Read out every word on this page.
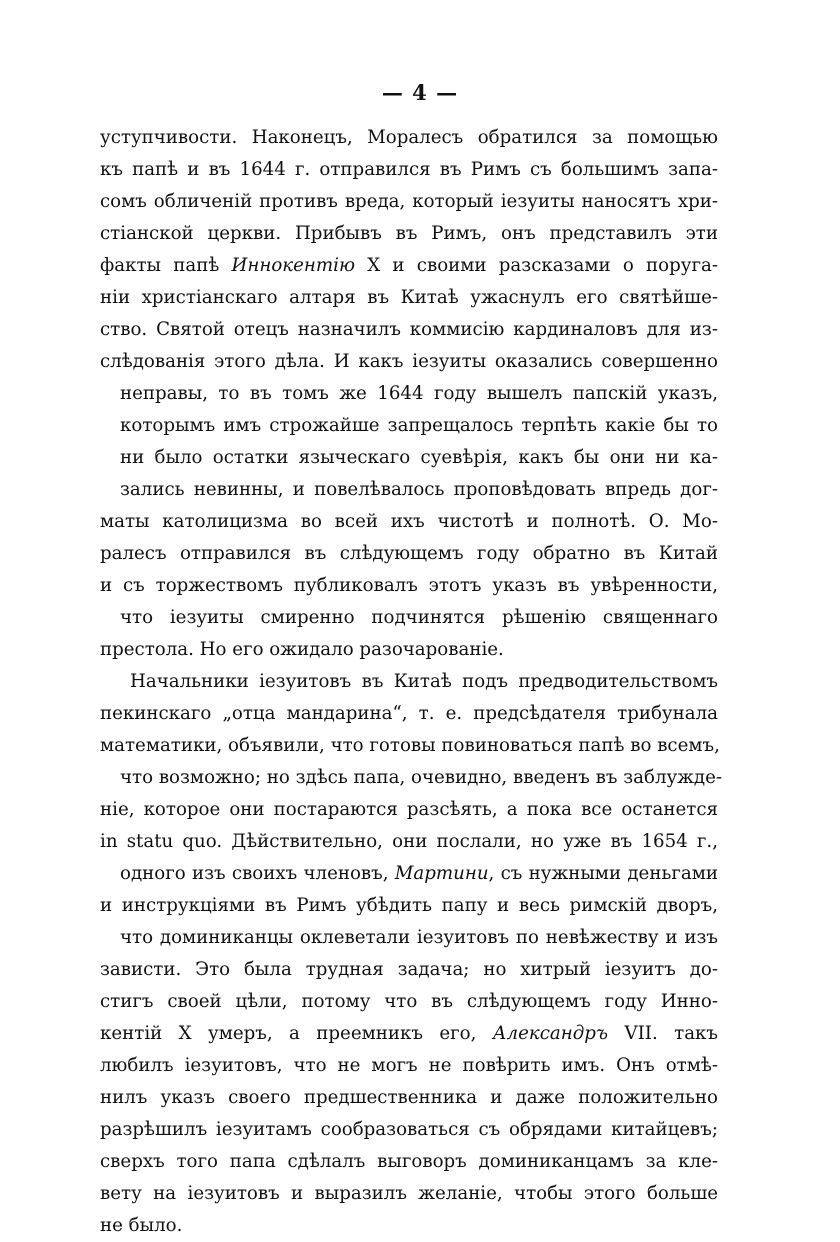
— 4 —
уступчивости. Наконецъ, Моралесъ обратился за помощью
къ папѣ и въ 1644 г. отправился въ Римъ съ большимъ запа-
сомъ обличеній противъ вреда, который іезуиты наносятъ хри-
стіанской церкви. Прибывъ въ Римъ, онъ представилъ эти
факты папѣ Иннокентію X и своими разсказами о поруга-
ніи христіанскаго алтаря въ Китаѣ ужаснулъ его святѣйше-
ство. Святой отецъ назначилъ коммисію кардиналовъ для из-
слѣдованія этого дѣла. И какъ іезуиты оказались совершенно
неправы, то въ томъ же 1644 году вышелъ папскій указъ,
которымъ имъ строжайше запрещалось терпѣть какіе бы то
ни было остатки языческаго суевѣрія, какъ бы они ни ка-
зались невинны, и повелѣвалось проповѣдовать впредь дог-
маты католицизма во всей ихъ чистотѣ и полнотѣ. О. Мо-
ралесъ отправился въ слѣдующемъ году обратно въ Китай
и съ торжествомъ публиковалъ этотъ указъ въ увѣренности,
что іезуиты смиренно подчинятся рѣшенію священнаго
престола. Но его ожидало разочарованіе.
Начальники іезуитовъ въ Китаѣ подъ предводительствомъ
пекинскаго „отца мандарина“, т. е. предсѣдателя трибунала
математики, объявили, что готовы повиноваться папѣ во всемъ,
что возможно; но здѣсь папа, очевидно, введенъ въ заблужде-
ніе, которое они постараются разсѣять, а пока все останется
in statu quo. Дѣйствительно, они послали, но уже въ 1654 г.,
одного изъ своихъ членовъ, Мартини, съ нужными деньгами
и инструкціями въ Римъ убѣдить папу и весь римскій дворъ,
что доминиканцы оклеветали іезуитовъ по невѣжеству и изъ
зависти. Это была трудная задача; но хитрый іезуитъ до-
стигъ своей цѣли, потому что въ слѣдующемъ году Инно-
кентій X умеръ, а преемникъ его, Александръ VII. такъ
любилъ іезуитовъ, что не могъ не повѣрить имъ. Онъ отмѣ-
нилъ указъ своего предшественника и даже положительно
разрѣшилъ іезуитамъ сообразоваться съ обрядами китайцевъ;
сверхъ того папа сдѣлалъ выговоръ доминиканцамъ за кле-
вету на іезуитовъ и выразилъ желаніе, чтобы этого больше
не было.
